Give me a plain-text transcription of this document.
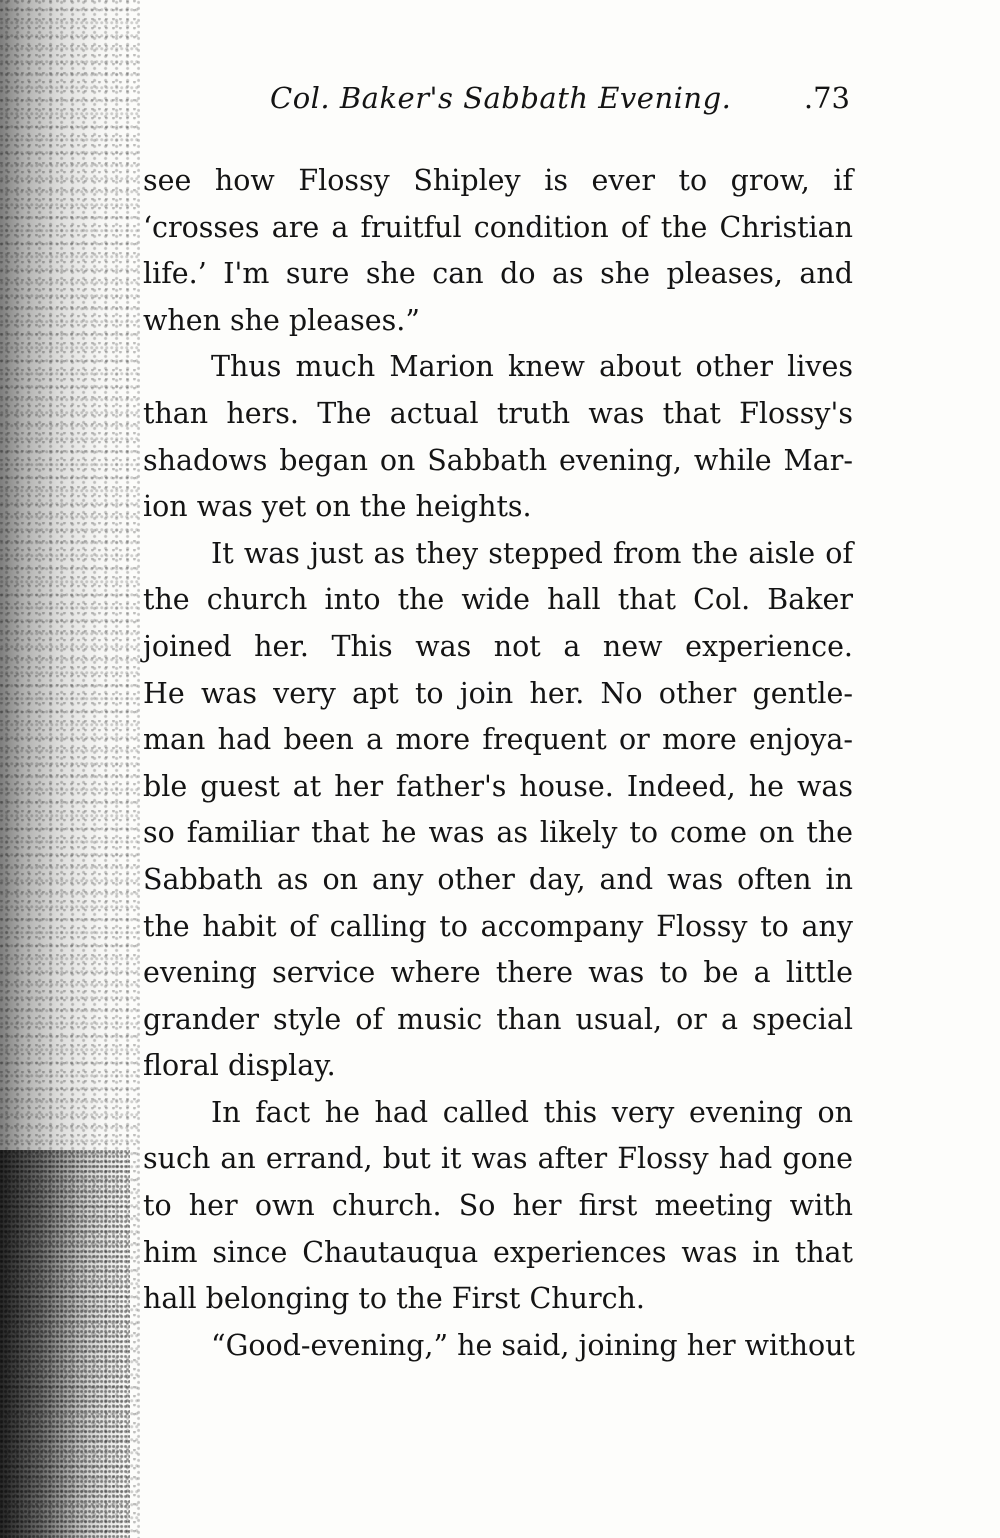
Col. Baker's Sabbath Evening. .73
see how Flossy Shipley is ever to grow, if
‘crosses are a fruitful condition of the Christian
life.’ I'm sure she can do as she pleases, and
when she pleases.”
Thus much Marion knew about other lives
than hers. The actual truth was that Flossy's
shadows began on Sabbath evening, while Mar-
ion was yet on the heights.
It was just as they stepped from the aisle of
the church into the wide hall that Col. Baker
joined her. This was not a new experience.
He was very apt to join her. No other gentle-
man had been a more frequent or more enjoya-
ble guest at her father's house. Indeed, he was
so familiar that he was as likely to come on the
Sabbath as on any other day, and was often in
the habit of calling to accompany Flossy to any
evening service where there was to be a little
grander style of music than usual, or a special
floral display.
In fact he had called this very evening on
such an errand, but it was after Flossy had gone
to her own church. So her first meeting with
him since Chautauqua experiences was in that
hall belonging to the First Church.
“Good-evening,” he said, joining her without
